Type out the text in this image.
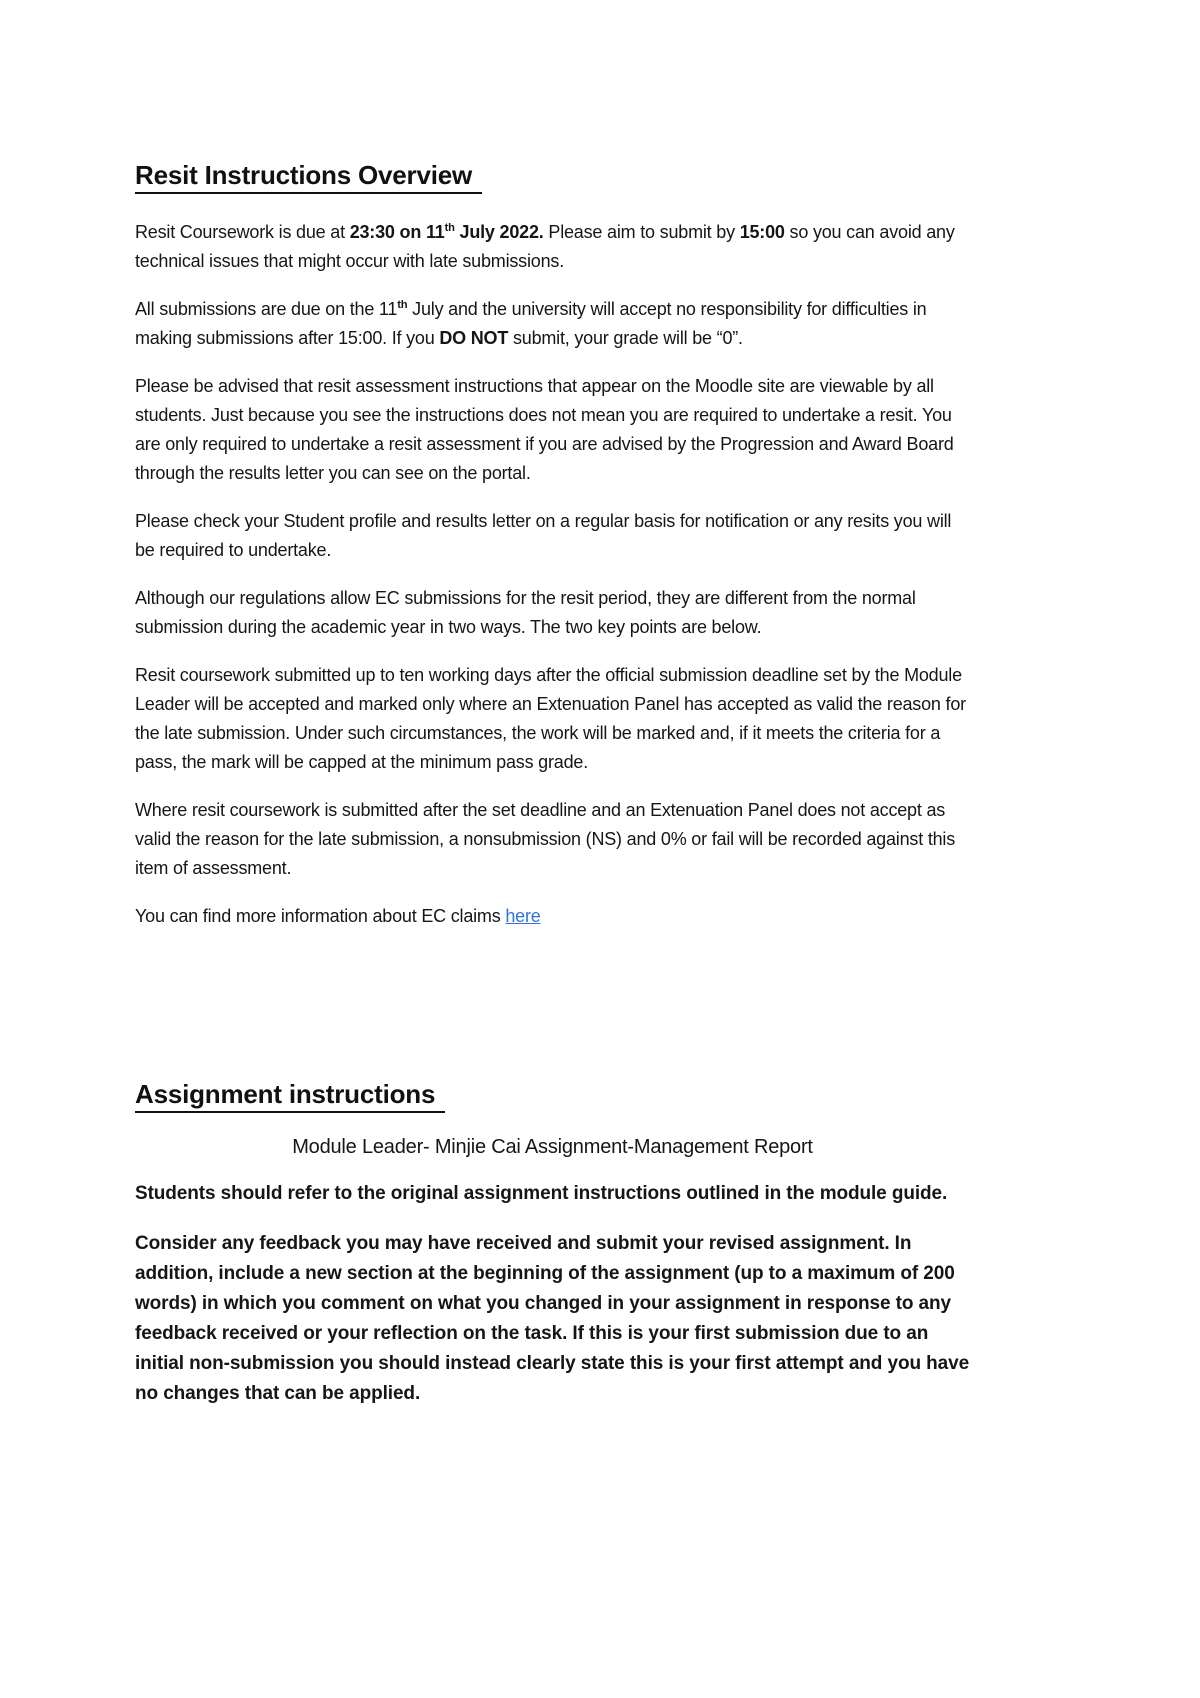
Resit Instructions Overview

Resit Coursework is due at 23:30 on 11th July 2022. Please aim to submit by 15:00 so you can avoid any technical issues that might occur with late submissions.

All submissions are due on the 11th July and the university will accept no responsibility for difficulties in making submissions after 15:00. If you DO NOT submit, your grade will be “0”.

Please be advised that resit assessment instructions that appear on the Moodle site are viewable by all students. Just because you see the instructions does not mean you are required to undertake a resit. You are only required to undertake a resit assessment if you are advised by the Progression and Award Board through the results letter you can see on the portal.

Please check your Student profile and results letter on a regular basis for notification or any resits you will be required to undertake.

Although our regulations allow EC submissions for the resit period, they are different from the normal submission during the academic year in two ways. The two key points are below.

Resit coursework submitted up to ten working days after the official submission deadline set by the Module Leader will be accepted and marked only where an Extenuation Panel has accepted as valid the reason for the late submission. Under such circumstances, the work will be marked and, if it meets the criteria for a pass, the mark will be capped at the minimum pass grade.

Where resit coursework is submitted after the set deadline and an Extenuation Panel does not accept as valid the reason for the late submission, a nonsubmission (NS) and 0% or fail will be recorded against this item of assessment.

You can find more information about EC claims here

Assignment instructions

Module Leader- Minjie Cai Assignment-Management Report

Students should refer to the original assignment instructions outlined in the module guide.

Consider any feedback you may have received and submit your revised assignment. In addition, include a new section at the beginning of the assignment (up to a maximum of 200 words) in which you comment on what you changed in your assignment in response to any feedback received or your reflection on the task. If this is your first submission due to an initial non-submission you should instead clearly state this is your first attempt and you have no changes that can be applied.
